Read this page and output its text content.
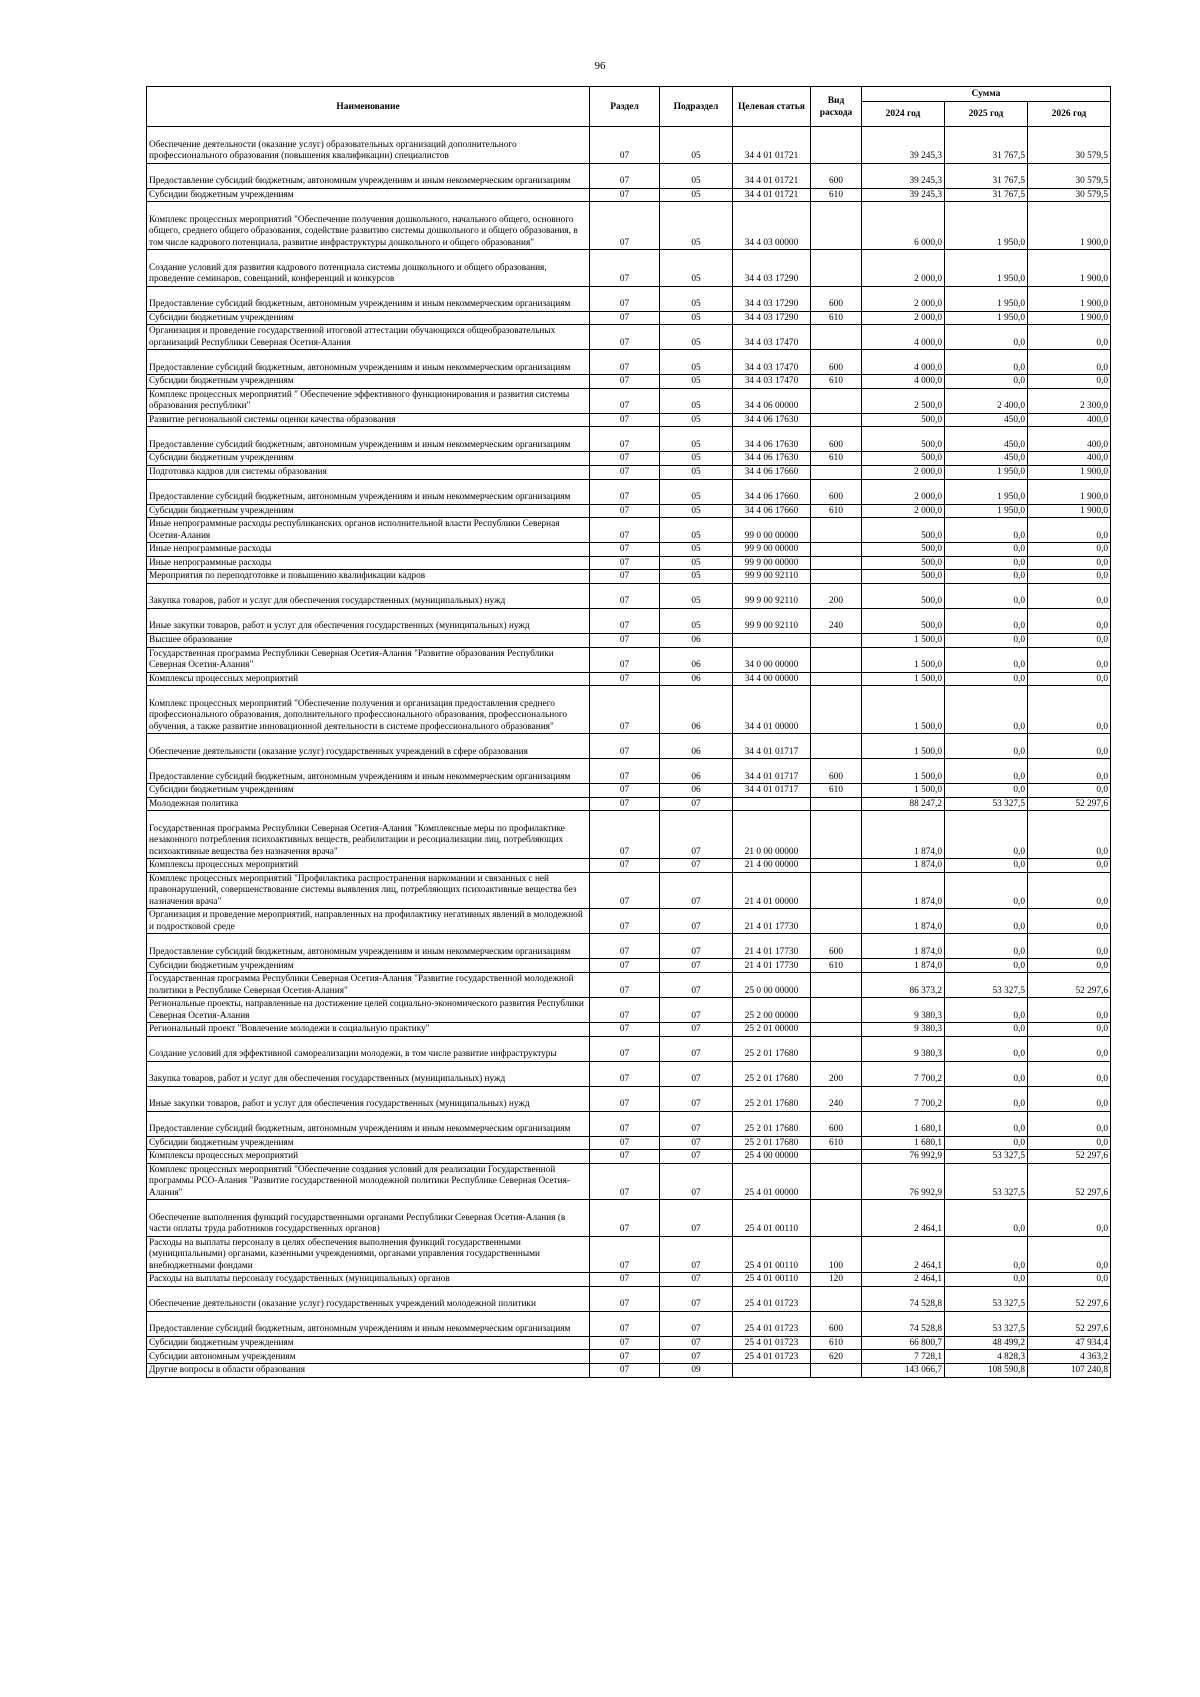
96
Наименование	Раздел	Подраздел	Целевая статья	Вид расхода	Сумма		
					2024 год	2025 год	2026 год
Обеспечение деятельности (оказание услуг) образовательных организаций дополнительного профессионального образования (повышения квалификации) специалистов	07	05	34 4 01 01721		39 245,3	31 767,5	30 579,5
Предоставление субсидий бюджетным, автономным учреждениям и иным некоммерческим организациям	07	05	34 4 01 01721	600	39 245,3	31 767,5	30 579,5
Субсидии бюджетным учреждениям	07	05	34 4 01 01721	610	39 245,3	31 767,5	30 579,5
Комплекс процессных мероприятий "Обеспечение получения дошкольного, начального общего, основного общего, среднего общего образования, содействие развитию системы дошкольного и общего образования, в том числе кадрового потенциала, развитие инфраструктуры дошкольного и общего образования"	07	05	34 4 03 00000		6 000,0	1 950,0	1 900,0
Создание условий для развития кадрового потенциала системы дошкольного и общего образования, проведение семинаров, совещаний, конференций и конкурсов	07	05	34 4 03 17290		2 000,0	1 950,0	1 900,0
Предоставление субсидий бюджетным, автономным учреждениям и иным некоммерческим организациям	07	05	34 4 03 17290	600	2 000,0	1 950,0	1 900,0
Субсидии бюджетным учреждениям	07	05	34 4 03 17290	610	2 000,0	1 950,0	1 900,0
Организация и проведение государственной итоговой аттестации обучающихся общеобразовательных организаций Республики Северная Осетия-Алания	07	05	34 4 03 17470		4 000,0	0,0	0,0
Предоставление субсидий бюджетным, автономным учреждениям и иным некоммерческим организациям	07	05	34 4 03 17470	600	4 000,0	0,0	0,0
Субсидии бюджетным учреждениям	07	05	34 4 03 17470	610	4 000,0	0,0	0,0
Комплекс процессных мероприятий " Обеспечение эффективного функционирования и развития системы образования республики"	07	05	34 4 06 00000		2 500,0	2 400,0	2 300,0
Развитие региональной системы оценки качества образования	07	05	34 4 06 17630		500,0	450,0	400,0
Предоставление субсидий бюджетным, автономным учреждениям и иным некоммерческим организациям	07	05	34 4 06 17630	600	500,0	450,0	400,0
Субсидии бюджетным учреждениям	07	05	34 4 06 17630	610	500,0	450,0	400,0
Подготовка кадров для системы образования	07	05	34 4 06 17660		2 000,0	1 950,0	1 900,0
Предоставление субсидий бюджетным, автономным учреждениям и иным некоммерческим организациям	07	05	34 4 06 17660	600	2 000,0	1 950,0	1 900,0
Субсидии бюджетным учреждениям	07	05	34 4 06 17660	610	2 000,0	1 950,0	1 900,0
Иные непрограммные расходы республиканских органов исполнительной власти Республики Северная Осетия-Алания	07	05	99 0 00 00000		500,0	0,0	0,0
Иные непрограммные расходы	07	05	99 9 00 00000		500,0	0,0	0,0
Иные непрограммные расходы	07	05	99 9 00 00000		500,0	0,0	0,0
Мероприятия по переподготовке и повышению квалификации кадров	07	05	99 9 00 92110		500,0	0,0	0,0
Закупка товаров, работ и услуг для обеспечения государственных (муниципальных) нужд	07	05	99 9 00 92110	200	500,0	0,0	0,0
Иные закупки товаров, работ и услуг для обеспечения государственных (муниципальных) нужд	07	05	99 9 00 92110	240	500,0	0,0	0,0
Высшее образование	07	06			1 500,0	0,0	0,0
Государственная программа Республики Северная Осетия-Алания "Развитие образования Республики Северная Осетия-Алания"	07	06	34 0 00 00000		1 500,0	0,0	0,0
Комплексы процессных мероприятий	07	06	34 4 00 00000		1 500,0	0,0	0,0
Комплекс процессных мероприятий "Обеспечение получения и организация предоставления среднего профессионального образования, дополнительного профессионального образования, профессионального обучения, а также развитие инновационной деятельности в системе профессионального образования"	07	06	34 4 01 00000		1 500,0	0,0	0,0
Обеспечение деятельности (оказание услуг) государственных учреждений в сфере образования	07	06	34 4 01 01717		1 500,0	0,0	0,0
Предоставление субсидий бюджетным, автономным учреждениям и иным некоммерческим организациям	07	06	34 4 01 01717	600	1 500,0	0,0	0,0
Субсидии бюджетным учреждениям	07	06	34 4 01 01717	610	1 500,0	0,0	0,0
Молодежная политика	07	07			88 247,2	53 327,5	52 297,6
Государственная программа Республики Северная Осетия-Алания "Комплексные меры по профилактике незаконного потребления психоактивных веществ, реабилитации и ресоциализации лиц, потребляющих психоактивные вещества без назначения врача"	07	07	21 0 00 00000		1 874,0	0,0	0,0
Комплексы процессных мероприятий	07	07	21 4 00 00000		1 874,0	0,0	0,0
Комплекс процессных мероприятий "Профилактика распространения наркомании и связанных с ней правонарушений, совершенствование системы выявления лиц, потребляющих психоактивные вещества без назначения врача"	07	07	21 4 01 00000		1 874,0	0,0	0,0
Организация и проведение мероприятий, направленных на профилактику негативных явлений в молодежной и подростковой среде	07	07	21 4 01 17730		1 874,0	0,0	0,0
Предоставление субсидий бюджетным, автономным учреждениям и иным некоммерческим организациям	07	07	21 4 01 17730	600	1 874,0	0,0	0,0
Субсидии бюджетным учреждениям	07	07	21 4 01 17730	610	1 874,0	0,0	0,0
Государственная программа Республики Северная Осетия-Алания "Развитие государственной молодежной политики в Республике Северная Осетия-Алания"	07	07	25 0 00 00000		86 373,2	53 327,5	52 297,6
Региональные проекты, направленные на достижение целей социально-экономического развития Республики Северная Осетия-Алания	07	07	25 2 00 00000		9 380,3	0,0	0,0
Региональный проект "Вовлечение молодежи в социальную практику"	07	07	25 2 01 00000		9 380,3	0,0	0,0
Создание условий для эффективной самореализации молодежи, в том числе развитие инфраструктуры	07	07	25 2 01 17680		9 380,3	0,0	0,0
Закупка товаров, работ и услуг для обеспечения государственных (муниципальных) нужд	07	07	25 2 01 17680	200	7 700,2	0,0	0,0
Иные закупки товаров, работ и услуг для обеспечения государственных (муниципальных) нужд	07	07	25 2 01 17680	240	7 700,2	0,0	0,0
Предоставление субсидий бюджетным, автономным учреждениям и иным некоммерческим организациям	07	07	25 2 01 17680	600	1 680,1	0,0	0,0
Субсидии бюджетным учреждениям	07	07	25 2 01 17680	610	1 680,1	0,0	0,0
Комплексы процессных мероприятий	07	07	25 4 00 00000		76 992,9	53 327,5	52 297,6
Комплекс процессных мероприятий "Обеспечение создания условий для реализации Государственной программы РСО-Алания "Развитие государственной молодежной политики Республике Северная Осетия-Алания"	07	07	25 4 01 00000		76 992,9	53 327,5	52 297,6
Обеспечение выполнения функций государственными органами Республики Северная Осетия-Алания (в части оплаты труда работников государственных органов)	07	07	25 4 01 00110		2 464,1	0,0	0,0
Расходы на выплаты персоналу в целях обеспечения выполнения функций государственными (муниципальными) органами, казенными учреждениями, органами управления государственными внебюджетными фондами	07	07	25 4 01 00110	100	2 464,1	0,0	0,0
Расходы на выплаты персоналу государственных (муниципальных) органов	07	07	25 4 01 00110	120	2 464,1	0,0	0,0
Обеспечение деятельности (оказание услуг) государственных учреждений молодежной политики	07	07	25 4 01 01723		74 528,8	53 327,5	52 297,6
Предоставление субсидий бюджетным, автономным учреждениям и иным некоммерческим организациям	07	07	25 4 01 01723	600	74 528,8	53 327,5	52 297,6
Субсидии бюджетным учреждениям	07	07	25 4 01 01723	610	66 800,7	48 499,2	47 934,4
Субсидии автономным учреждениям	07	07	25 4 01 01723	620	7 728,1	4 828,3	4 363,2
Другие вопросы в области образования	07	09			143 066,7	108 590,8	107 240,8
